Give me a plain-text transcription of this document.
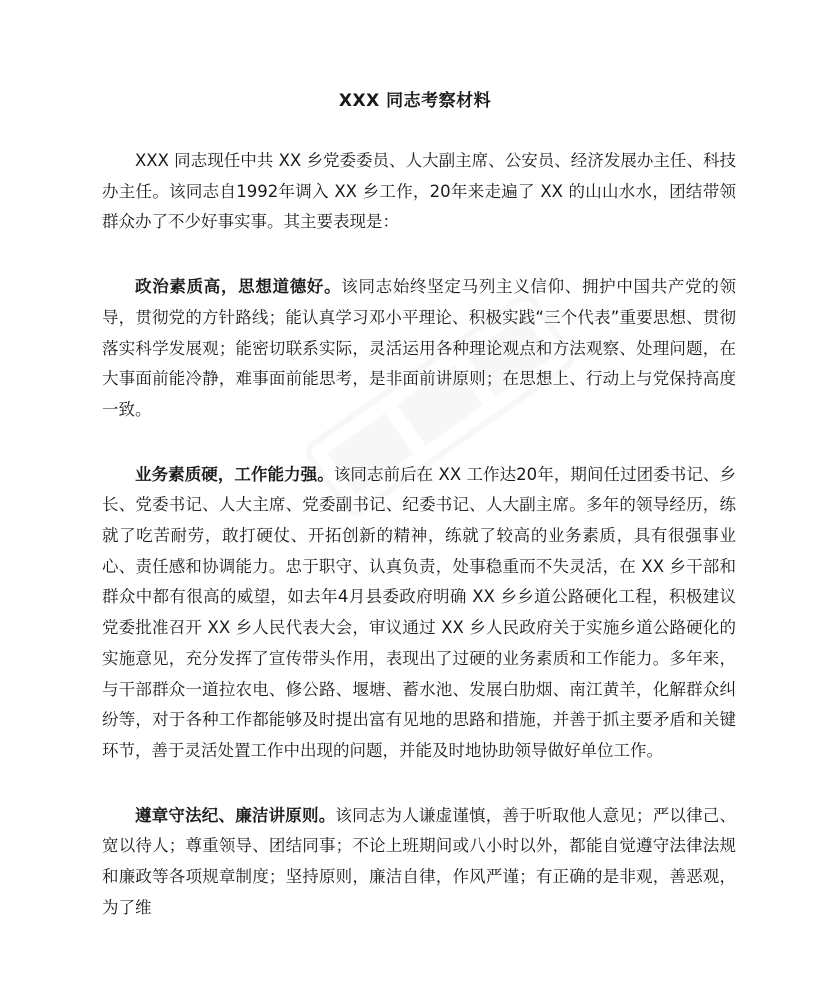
XXX 同志考察材料

XXX 同志现任中共 XX 乡党委委员、人大副主席、公安员、经济发展办主任、科技办主任。该同志自1992年调入 XX 乡工作，20年来走遍了 XX 的山山水水，团结带领群众办了不少好事实事。其主要表现是：

政治素质高，思想道德好。该同志始终坚定马列主义信仰、拥护中国共产党的领导，贯彻党的方针路线；能认真学习邓小平理论、积极实践“三个代表”重要思想、贯彻落实科学发展观；能密切联系实际，灵活运用各种理论观点和方法观察、处理问题，在大事面前能冷静，难事面前能思考，是非面前讲原则；在思想上、行动上与党保持高度一致。

业务素质硬，工作能力强。该同志前后在 XX 工作达20年，期间任过团委书记、乡长、党委书记、人大主席、党委副书记、纪委书记、人大副主席。多年的领导经历，练就了吃苦耐劳，敢打硬仗、开拓创新的精神，练就了较高的业务素质，具有很强事业心、责任感和协调能力。忠于职守、认真负责，处事稳重而不失灵活，在 XX 乡干部和群众中都有很高的威望，如去年4月县委政府明确 XX 乡乡道公路硬化工程，积极建议党委批准召开 XX 乡人民代表大会，审议通过 XX 乡人民政府关于实施乡道公路硬化的实施意见，充分发挥了宣传带头作用，表现出了过硬的业务素质和工作能力。多年来，与干部群众一道拉农电、修公路、堰塘、蓄水池、发展白肋烟、南江黄羊，化解群众纠纷等，对于各种工作都能够及时提出富有见地的思路和措施，并善于抓主要矛盾和关键环节，善于灵活处置工作中出现的问题，并能及时地协助领导做好单位工作。

遵章守法纪、廉洁讲原则。该同志为人谦虚谨慎，善于听取他人意见；严以律己、宽以待人；尊重领导、团结同事；不论上班期间或八小时以外，都能自觉遵守法律法规和廉政等各项规章制度；坚持原则，廉洁自律，作风严谨；有正确的是非观，善恶观，为了维
